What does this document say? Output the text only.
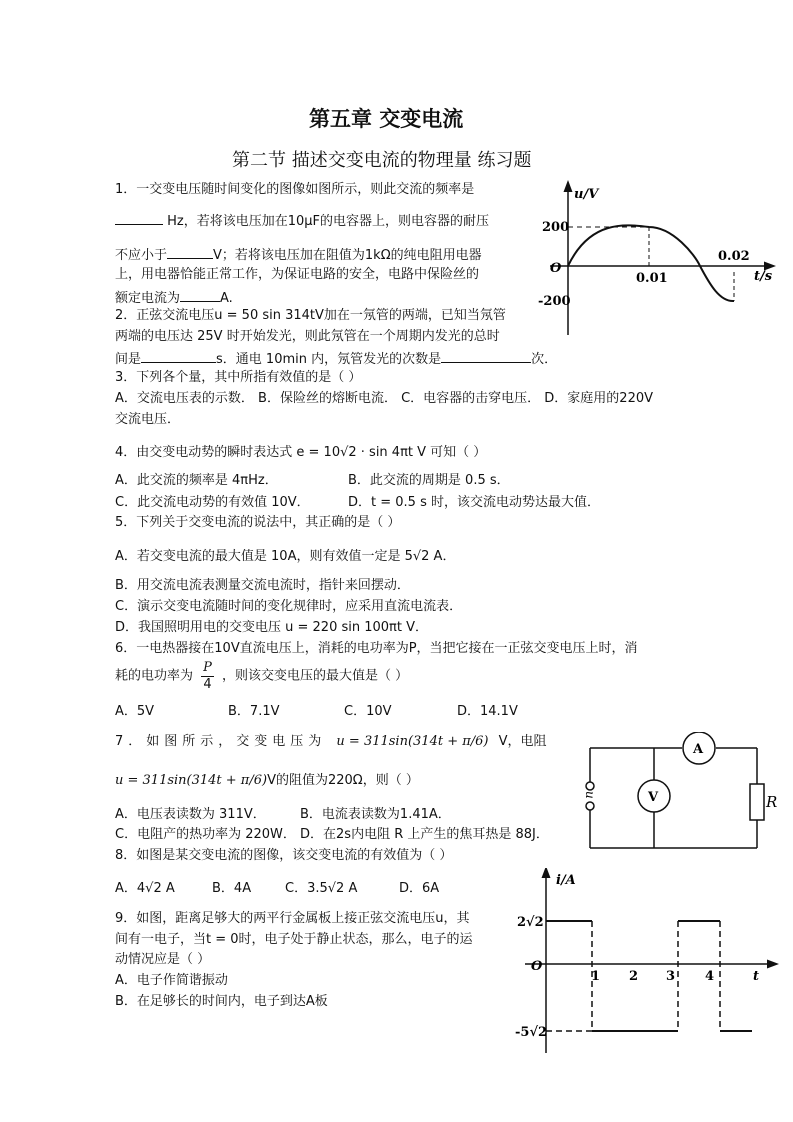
第五章 交变电流
第二节 描述交变电流的物理量 练习题
1．一交变电压随时间变化的图像如图所示，则此交流的频率是
Hz，若将该电压加在10μF的电容器上，则电容器的耐压
不应小于	V；若将该电压加在阻值为1kΩ的纯电阻用电器
上，用电器恰能正常工作，为保证电路的安全，电路中保险丝的
额定电流为	A.
2．正弦交流电压u = 50 sin 314tV加在一氖管的两端，已知当氖管
两端的电压达 25V 时开始发光，则此氖管在一个周期内发光的总时
间是	s．通电 10min 内，氖管发光的次数是	次．
3．下列各个量，其中所指有效值的是（ ）
A．交流电压表的示数． B．保险丝的熔断电流． C．电容器的击穿电压． D．家庭用的220V
交流电压．
4．由交变电动势的瞬时表达式 e = 10√2 · sin 4πt V 可知（ ）
A．此交流的频率是 4πHz．	B．此交流的周期是 0.5 s．
C．此交流电动势的有效值 10V．	D．t = 0.5 s 时，该交流电动势达最大值．
5．下列关于交变电流的说法中，其正确的是（ ）
A．若交变电流的最大值是 10A，则有效值一定是 5√2 A．
B．用交流电流表测量交流电流时，指针来回摆动．
C．演示交变电流随时间的变化规律时，应采用直流电流表．
D．我国照明用电的交变电压 u = 220 sin 100πt V．
6．一电热器接在10V直流电压上，消耗的电功率为P，当把它接在一正弦交变电压上时，消
耗的电功率为 $\frac{P}{4}$ ，则该交变电压的最大值是（ ）
A．5V	B．7.1V	C．10V	D．14.1V
7．如图所示，交变电压为 u = 311sin(314t + π/6) V，电阻
u = 311sin(314t + π/6)V的阻值为220Ω，则（ ）
A．电压表读数为 311V．	B．电流表读数为1.41A．
C．电阻产的热功率为 220W． D．在2s内电阻 R 上产生的焦耳热是 88J．
8．如图是某交变电流的图像，该交变电流的有效值为（ ）
A．4√2 A	B．4A	C．3.5√2 A	D．6A
9．如图，距离足够大的两平行金属板上接正弦交流电压u，其
间有一电子，当t = 0时，电子处于静止状态，那么，电子的运
动情况应是（ ）
A．电子作简谐振动
B．在足够长的时间内，电子到达A板
u/V
t/s
O
200
-200
0.01
0.02
u
A
V	R
i/A
t
O
2√2
-5√2
1 2 3 4
